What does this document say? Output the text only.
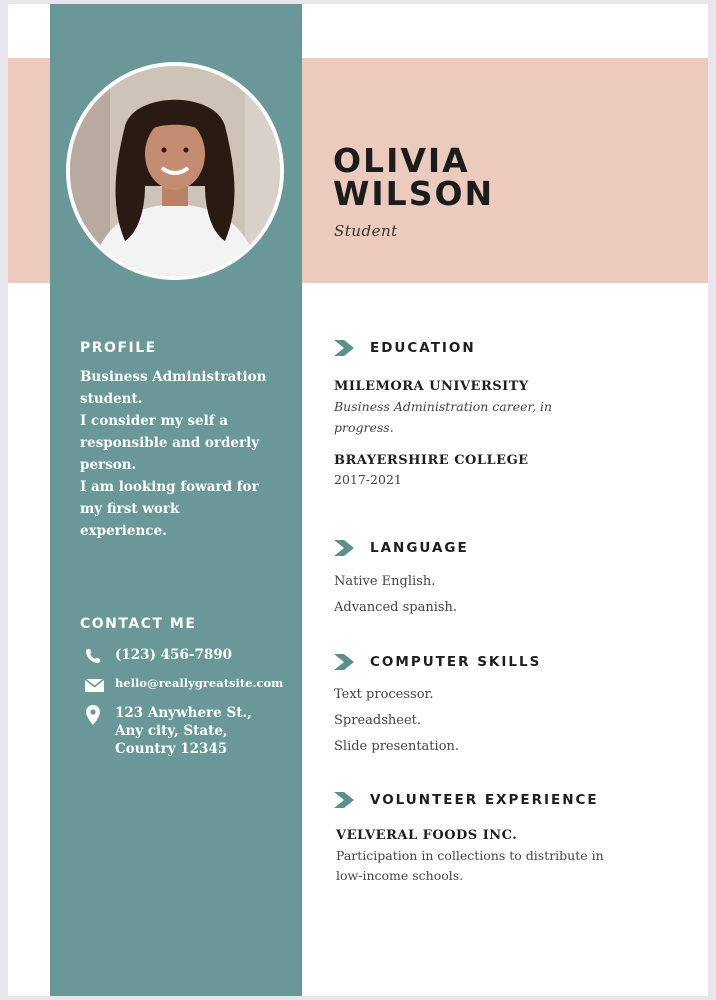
OLIVIA
WILSON
Student
PROFILE
Business Administration
student.
I consider my self a
responsible and orderly
person.
I am looking foward for
my first work
experience.
CONTACT ME
(123) 456-7890
hello@reallygreatsite.com
123 Anywhere St.,
Any city, State,
Country 12345
EDUCATION
MILEMORA UNIVERSITY
Business Administration career, in
progress.
BRAYERSHIRE COLLEGE
2017-2021
LANGUAGE
Native English.
Advanced spanish.
COMPUTER SKILLS
Text processor.
Spreadsheet.
Slide presentation.
VOLUNTEER EXPERIENCE
VELVERAL FOODS INC.
Participation in collections to distribute in
low-income schools.
